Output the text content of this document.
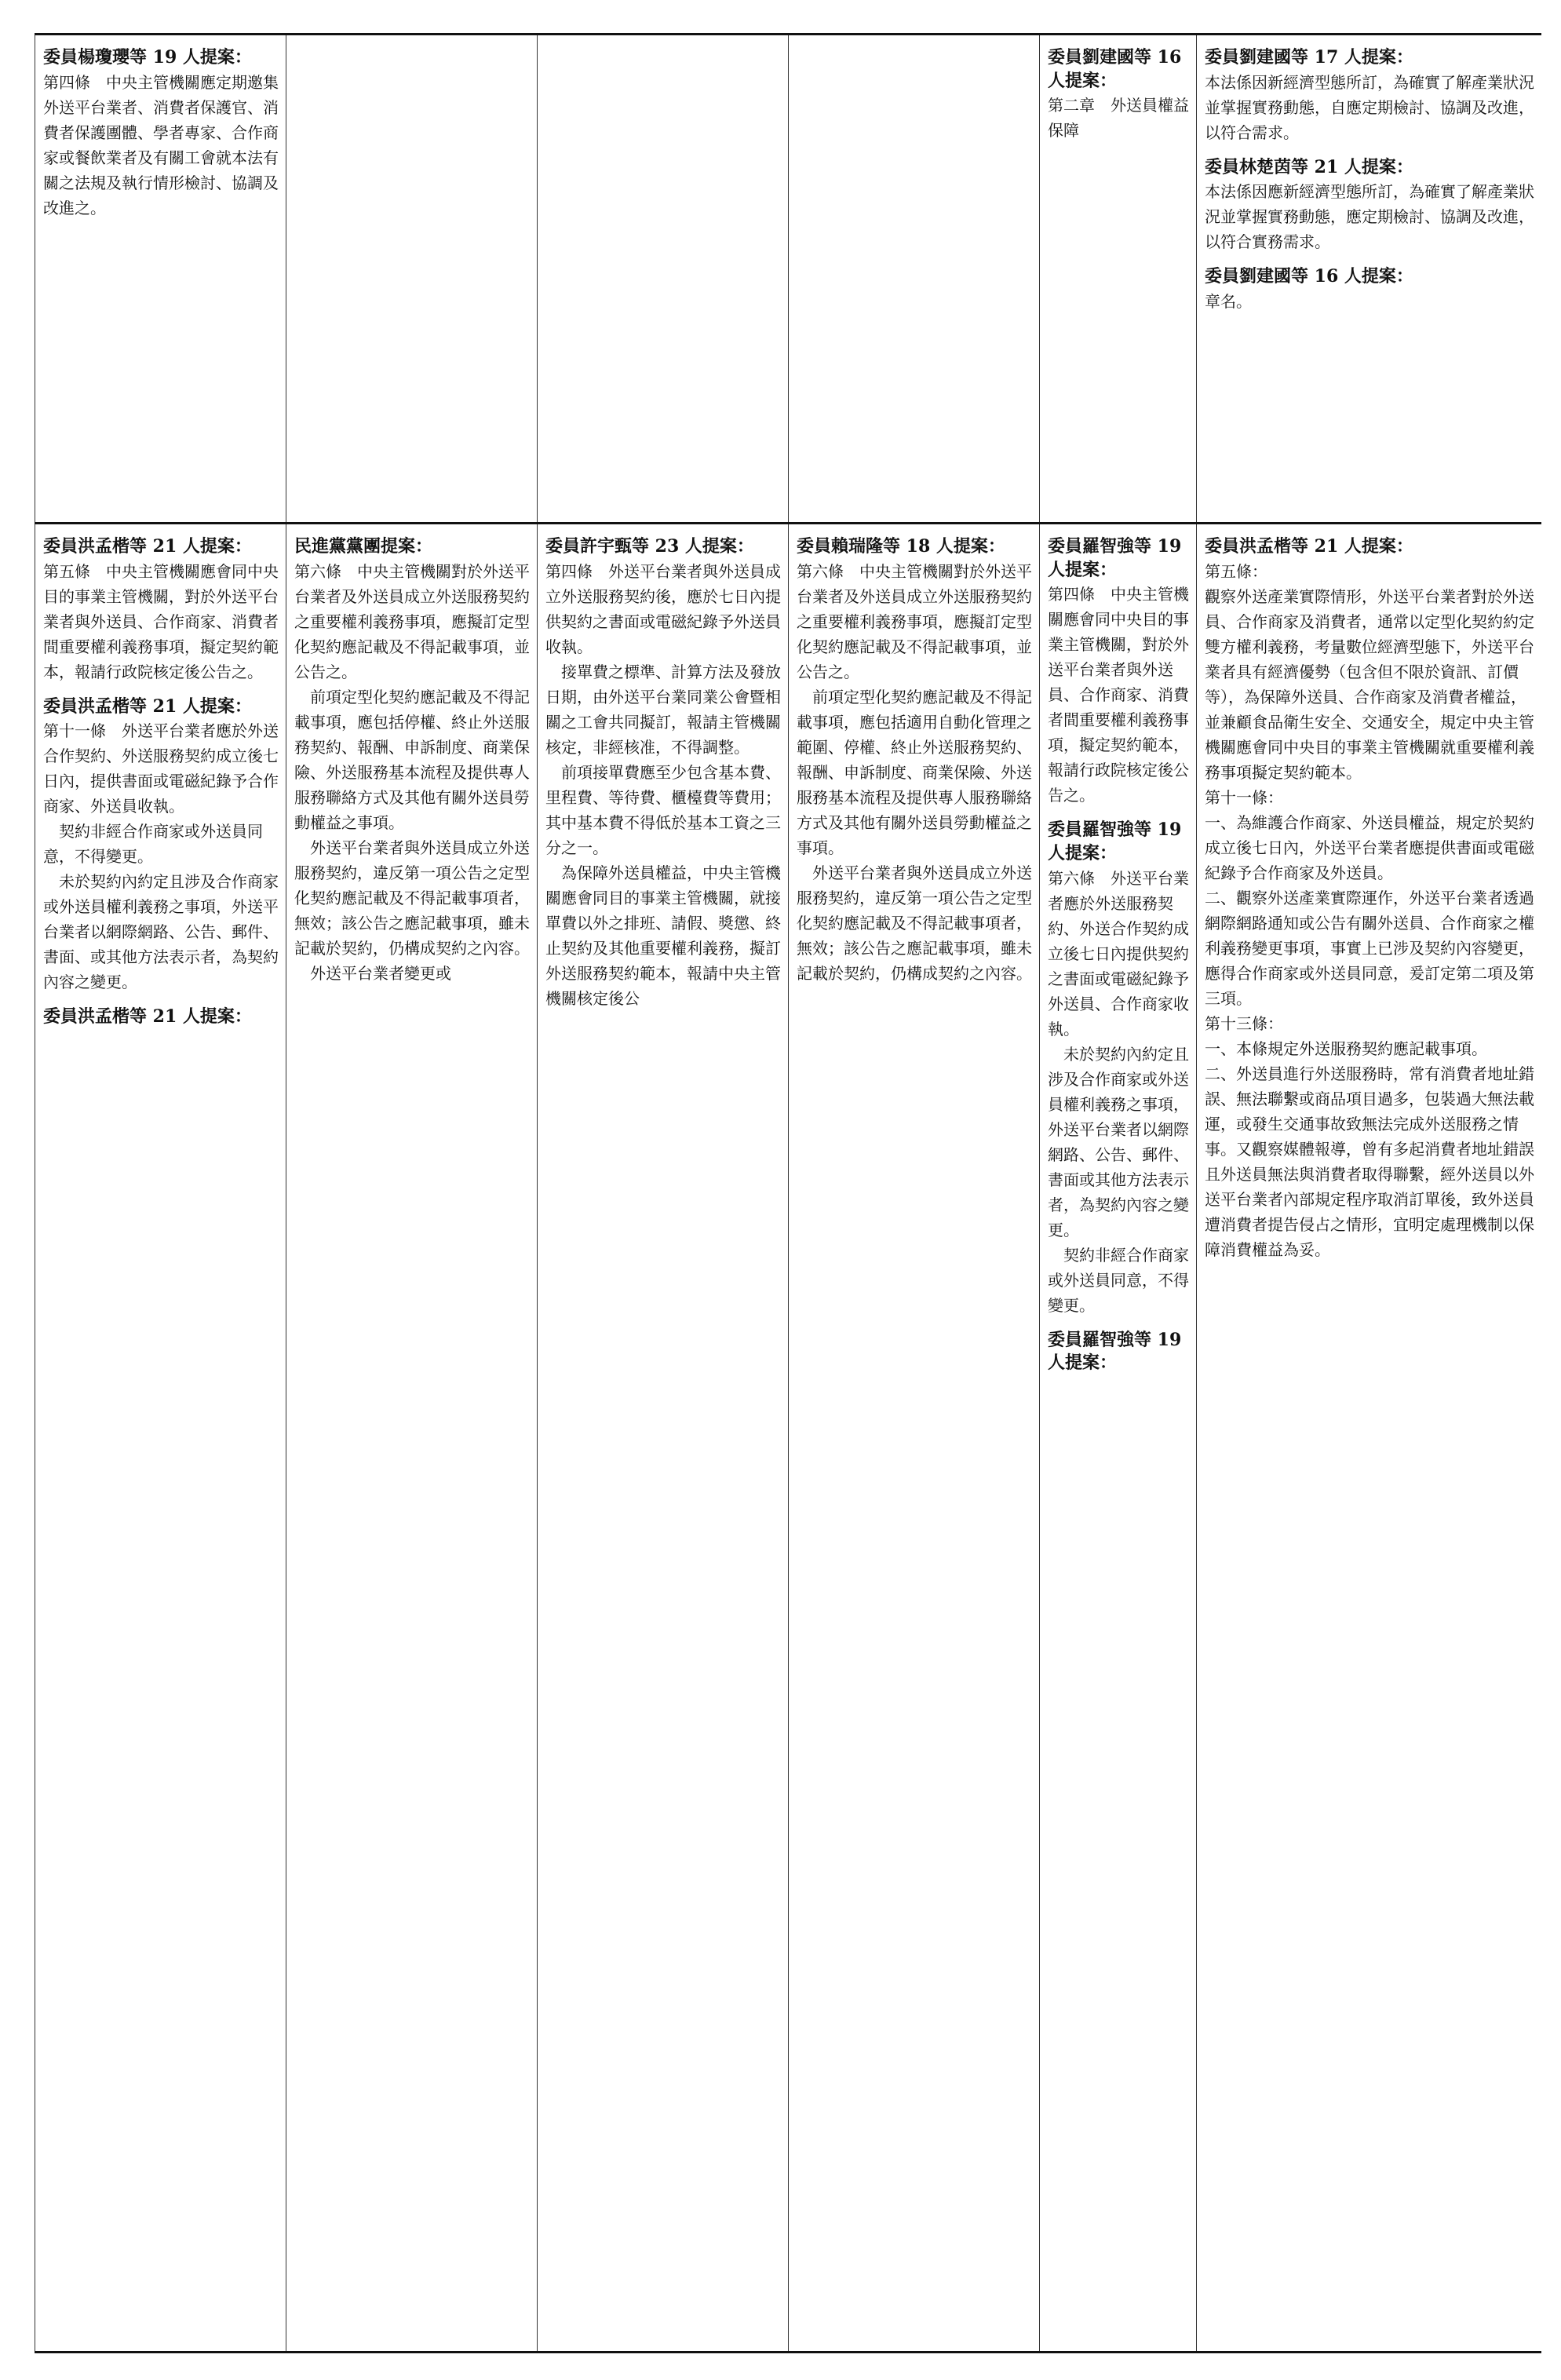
委員楊瓊瓔等 19 人提案：
第四條　中央主管機關應定期邀集外送平台業者、消費者保護官、消費者保護團體、學者專家、合作商家或餐飲業者及有關工會就本法有關之法規及執行情形檢討、協調及改進之。
委員劉建國等 16 人提案：
第二章　外送員權益保障
委員劉建國等 17 人提案：
本法係因新經濟型態所訂，為確實了解產業狀況並掌握實務動態，自應定期檢討、協調及改進，以符合需求。
委員林楚茵等 21 人提案：
本法係因應新經濟型態所訂，為確實了解產業狀況並掌握實務動態，應定期檢討、協調及改進，以符合實務需求。
委員劉建國等 16 人提案：
章名。
委員洪孟楷等 21 人提案：
第五條　中央主管機關應會同中央目的事業主管機關，對於外送平台業者與外送員、合作商家、消費者間重要權利義務事項，擬定契約範本，報請行政院核定後公告之。
委員洪孟楷等 21 人提案：
第十一條　外送平台業者應於外送合作契約、外送服務契約成立後七日內，提供書面或電磁紀錄予合作商家、外送員收執。
　契約非經合作商家或外送員同意，不得變更。
　未於契約內約定且涉及合作商家或外送員權利義務之事項，外送平台業者以網際網路、公告、郵件、書面、或其他方法表示者，為契約內容之變更。
委員洪孟楷等 21 人提案：
民進黨黨團提案：
第六條　中央主管機關對於外送平台業者及外送員成立外送服務契約之重要權利義務事項，應擬訂定型化契約應記載及不得記載事項，並公告之。
　前項定型化契約應記載及不得記載事項，應包括停權、終止外送服務契約、報酬、申訴制度、商業保險、外送服務基本流程及提供專人服務聯絡方式及其他有關外送員勞動權益之事項。
　外送平台業者與外送員成立外送服務契約，違反第一項公告之定型化契約應記載及不得記載事項者，無效；該公告之應記載事項，雖未記載於契約，仍構成契約之內容。
　外送平台業者變更或
委員許宇甄等 23 人提案：
第四條　外送平台業者與外送員成立外送服務契約後，應於七日內提供契約之書面或電磁紀錄予外送員收執。
　接單費之標準、計算方法及發放日期，由外送平台業同業公會暨相關之工會共同擬訂，報請主管機關核定，非經核准，不得調整。
　前項接單費應至少包含基本費、里程費、等待費、櫃檯費等費用；其中基本費不得低於基本工資之三分之一。
　為保障外送員權益，中央主管機關應會同目的事業主管機關，就接單費以外之排班、請假、獎懲、終止契約及其他重要權利義務，擬訂外送服務契約範本，報請中央主管機關核定後公
委員賴瑞隆等 18 人提案：
第六條　中央主管機關對於外送平台業者及外送員成立外送服務契約之重要權利義務事項，應擬訂定型化契約應記載及不得記載事項，並公告之。
　前項定型化契約應記載及不得記載事項，應包括適用自動化管理之範圍、停權、終止外送服務契約、報酬、申訴制度、商業保險、外送服務基本流程及提供專人服務聯絡方式及其他有關外送員勞動權益之事項。
　外送平台業者與外送員成立外送服務契約，違反第一項公告之定型化契約應記載及不得記載事項者，無效；該公告之應記載事項，雖未記載於契約，仍構成契約之內容。
委員羅智強等 19 人提案：
第四條　中央主管機關應會同中央目的事業主管機關，對於外送平台業者與外送員、合作商家、消費者間重要權利義務事項，擬定契約範本，報請行政院核定後公告之。
委員羅智強等 19 人提案：
第六條　外送平台業者應於外送服務契約、外送合作契約成立後七日內提供契約之書面或電磁紀錄予外送員、合作商家收執。
　未於契約內約定且涉及合作商家或外送員權利義務之事項，外送平台業者以網際網路、公告、郵件、書面或其他方法表示者，為契約內容之變更。
　契約非經合作商家或外送員同意，不得變更。
委員羅智強等 19 人提案：
委員洪孟楷等 21 人提案：
第五條：
觀察外送產業實際情形，外送平台業者對於外送員、合作商家及消費者，通常以定型化契約約定雙方權利義務，考量數位經濟型態下，外送平台業者具有經濟優勢（包含但不限於資訊、訂價等），為保障外送員、合作商家及消費者權益，並兼顧食品衛生安全、交通安全，規定中央主管機關應會同中央目的事業主管機關就重要權利義務事項擬定契約範本。
第十一條：
一、為維護合作商家、外送員權益，規定於契約成立後七日內，外送平台業者應提供書面或電磁紀錄予合作商家及外送員。
二、觀察外送產業實際運作，外送平台業者透過網際網路通知或公告有關外送員、合作商家之權利義務變更事項，事實上已涉及契約內容變更，應得合作商家或外送員同意，爰訂定第二項及第三項。
第十三條：
一、本條規定外送服務契約應記載事項。
二、外送員進行外送服務時，常有消費者地址錯誤、無法聯繫或商品項目過多，包裝過大無法載運，或發生交通事故致無法完成外送服務之情事。又觀察媒體報導，曾有多起消費者地址錯誤且外送員無法與消費者取得聯繫，經外送員以外送平台業者內部規定程序取消訂單後，致外送員遭消費者提告侵占之情形，宜明定處理機制以保障消費權益為妥。
